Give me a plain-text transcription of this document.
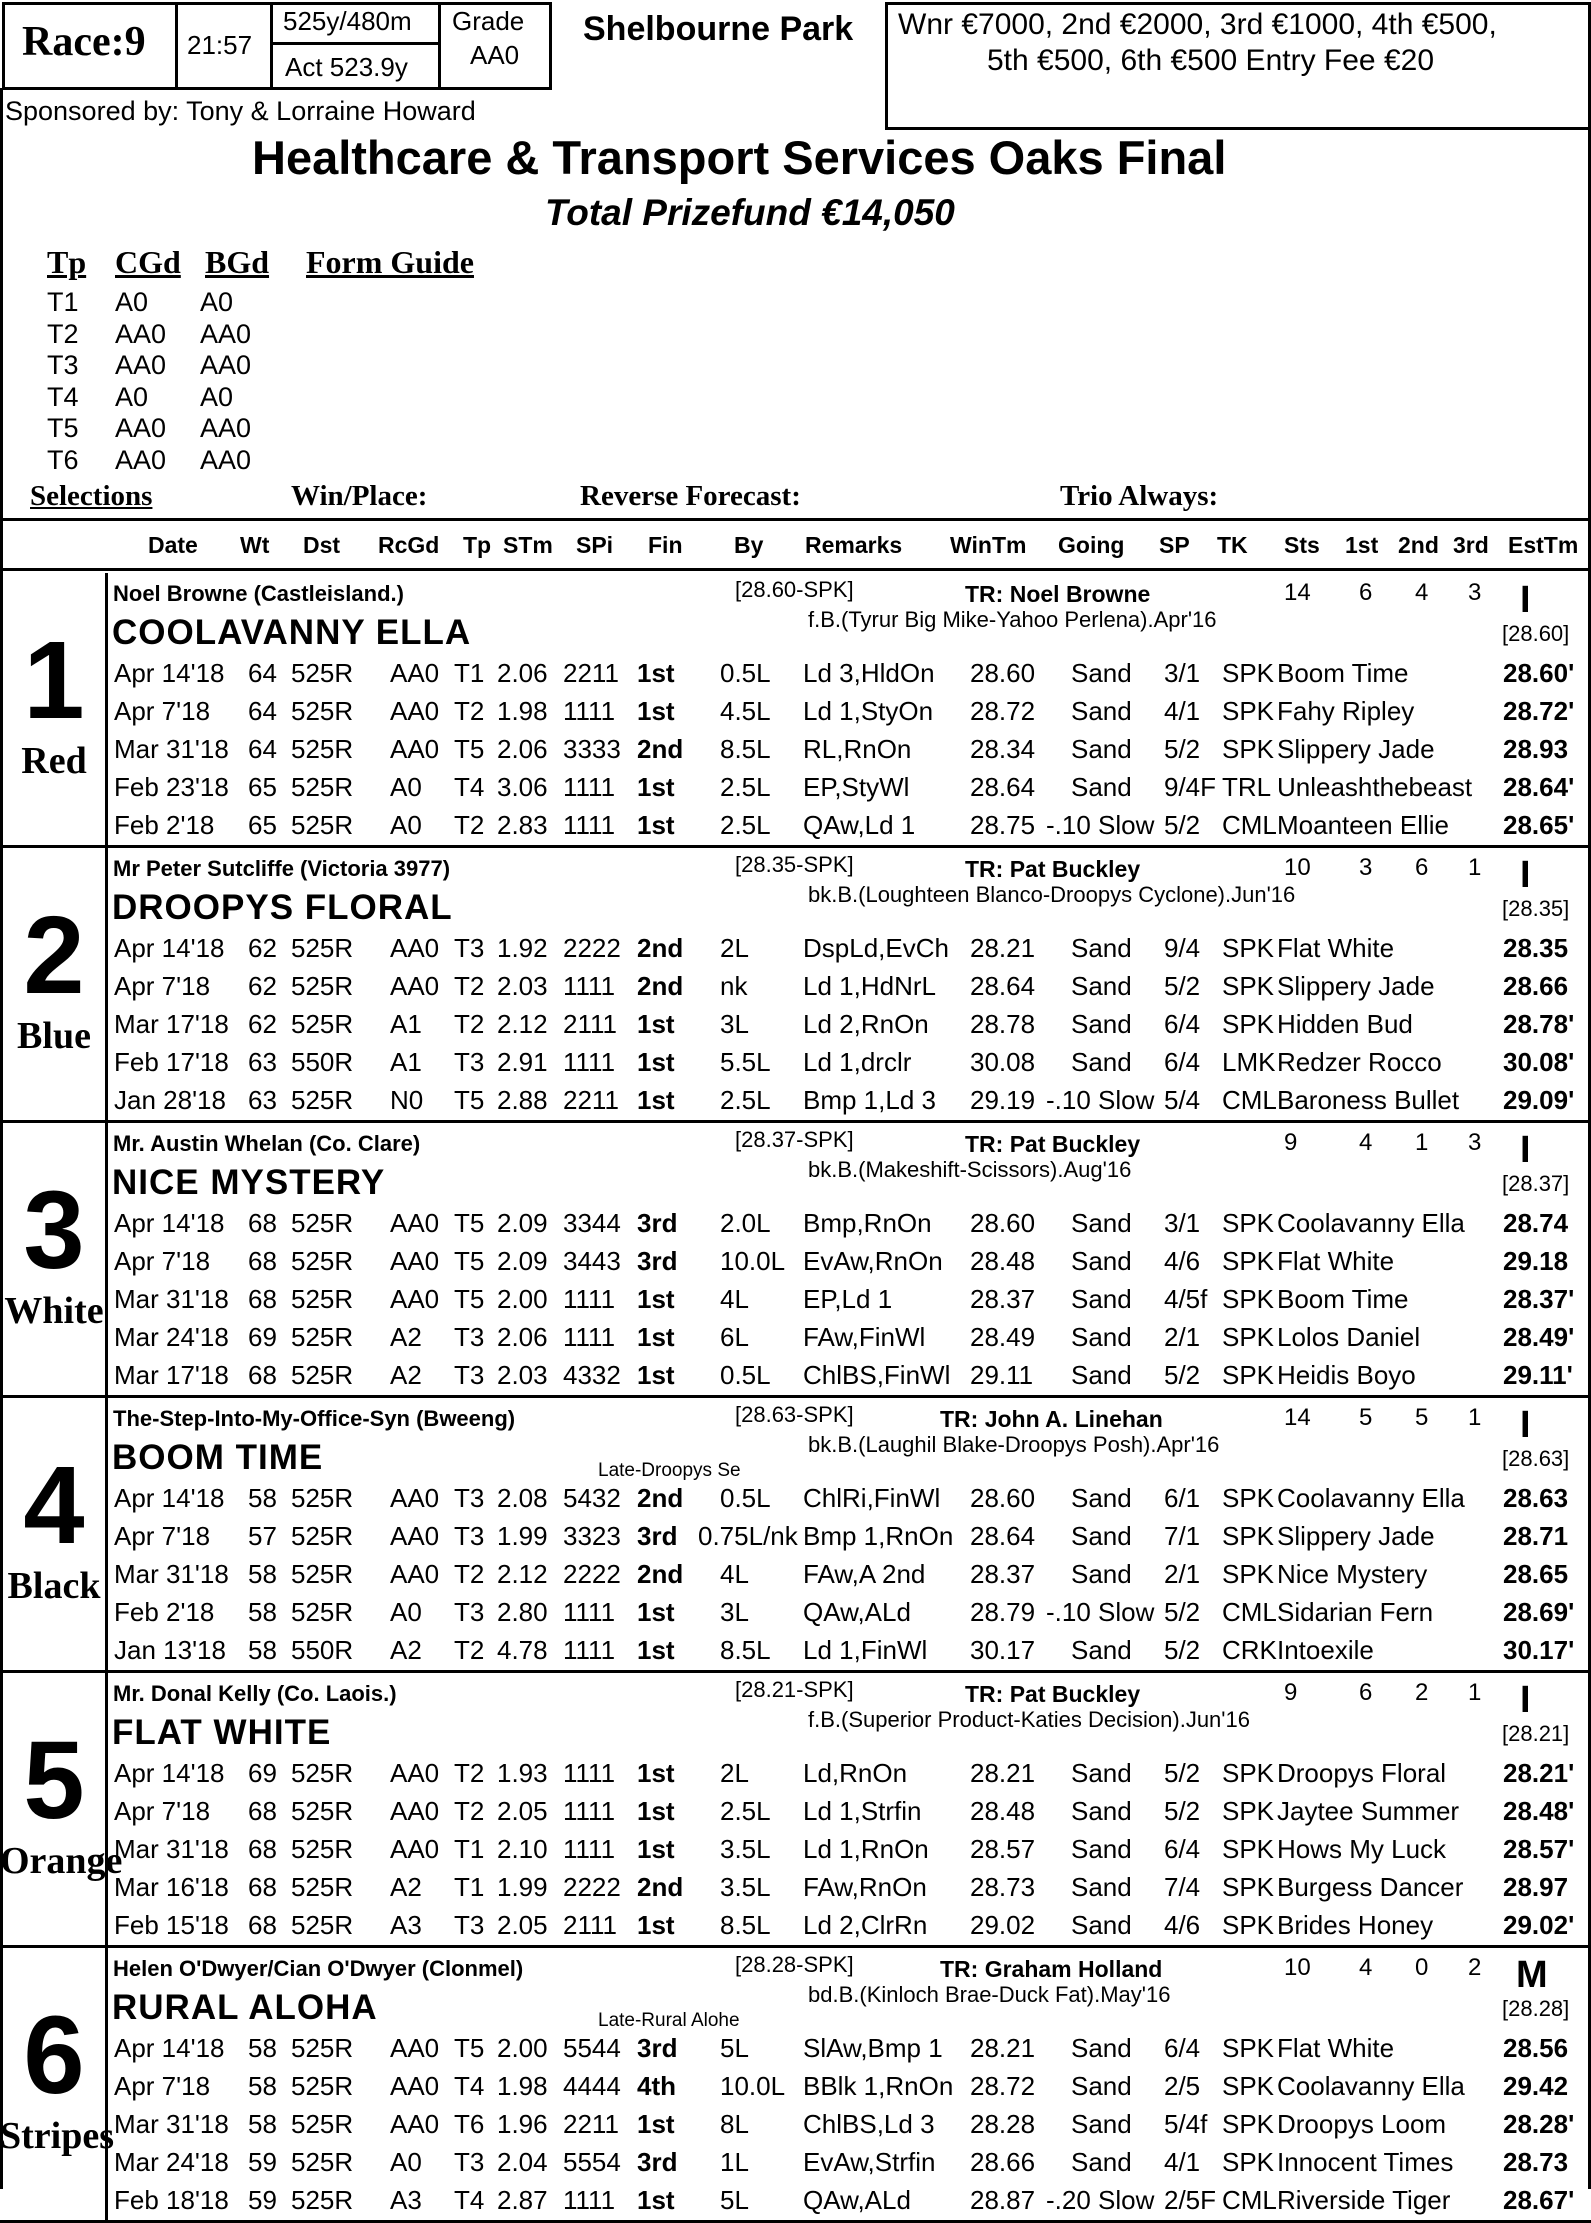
Race:9 21:57
525y/480m
Act 523.9y
Grade
AA0
Shelbourne Park Wnr €7000, 2nd €2000, 3rd €1000, 4th €500,
5th €500, 6th €500 Entry Fee €20
Sponsored by: Tony & Lorraine Howard
Healthcare & Transport Services Oaks Final
Total Prizefund €14,050
Tp CGd BGd Form Guide
T1 A0 A0
T2 AA0 AA0
T3 AA0 AA0
T4 A0 A0
T5 AA0 AA0
T6 AA0 AA0
Selections	Win/Place:	Reverse Forecast:	Trio Always:
Date Wt Dst RcGd Tp STm SPi Fin By Remarks WinTm Going SP TK Sts 1st 2nd 3rd EstTm
1
Red
Noel Browne (Castleisland.)	[28.60-SPK]	TR: Noel Browne	14 6 4 3 I
COOLAVANNY ELLA	f.B.(Tyrur Big Mike-Yahoo Perlena).Apr'16
[28.60]
Apr 14'18 64 525R AA0 T1 2.06 2211 1st 0.5L Ld 3,HldOn 28.60 Sand 3/1 SPK Boom Time	28.60'
Apr 7'18 64 525R AA0 T2 1.98 1111 1st 4.5L Ld 1,StyOn 28.72 Sand 4/1 SPK Fahy Ripley	28.72'
Mar 31'18 64 525R AA0 T5 2.06 3333 2nd 8.5L RL,RnOn 28.34 Sand 5/2 SPK Slippery Jade	28.93
Feb 23'18 65 525R A0 T4 3.06 1111 1st 2.5L EP,StyWl 28.64 Sand 9/4F TRL Unleashthebeast 28.64'
Feb 2'18 65 525R A0 T2 2.83 1111 1st 2.5L QAw,Ld 1 28.75 -.10 Slow 5/2 CML Moanteen Ellie 28.65'
2
Blue
Mr Peter Sutcliffe (Victoria 3977)	[28.35-SPK]	TR: Pat Buckley	10 3 6 1 I
DROOPYS FLORAL	bk.B.(Loughteen Blanco-Droopys Cyclone).Jun'16
[28.35]
Apr 14'18 62 525R AA0 T3 1.92 2222 2nd 2L DspLd,EvCh 28.21 Sand 9/4 SPK Flat White	28.35
Apr 7'18 62 525R AA0 T2 2.03 1111 2nd nk Ld 1,HdNrL 28.64 Sand 5/2 SPK Slippery Jade	28.66
Mar 17'18 62 525R A1 T2 2.12 2111 1st 3L Ld 2,RnOn 28.78 Sand 6/4 SPK Hidden Bud	28.78'
Feb 17'18 63 550R A1 T3 2.91 1111 1st 5.5L Ld 1,drclr 30.08 Sand 6/4 LMK Redzer Rocco 30.08'
Jan 28'18 63 525R N0 T5 2.88 2211 1st 2.5L Bmp 1,Ld 3 29.19 -.10 Slow 5/4 CML Baroness Bullet 29.09'
3
White
Mr. Austin Whelan (Co. Clare)	[28.37-SPK]	TR: Pat Buckley	9	4 1 3 I
NICE MYSTERY	bk.B.(Makeshift-Scissors).Aug'16
[28.37]
Apr 14'18 68 525R AA0 T5 2.09 3344 3rd 2.0L Bmp,RnOn 28.60 Sand 3/1 SPK Coolavanny Ella 28.74
Apr 7'18 68 525R AA0 T5 2.09 3443 3rd 10.0L EvAw,RnOn 28.48 Sand 4/6 SPK Flat White	29.18
Mar 31'18 68 525R AA0 T5 2.00 1111 1st 4L EP,Ld 1	28.37 Sand 4/5f SPK Boom Time	28.37'
Mar 24'18 69 525R A2 T3 2.06 1111 1st 6L FAw,FinWl 28.49 Sand 2/1 SPK Lolos Daniel	28.49'
Mar 17'18 68 525R A2 T3 2.03 4332 1st 0.5L ChlBS,FinWl 29.11 Sand 5/2 SPK Heidis Boyo	29.11'
4
Black
The-Step-Into-My-Office-Syn (Bweeng)	[28.63-SPK]	TR: John A. Linehan	14 5 5 1 I
BOOM TIME	bk.B.(Laughil Blake-Droopys Posh).Apr'16
Late-Droopys Se	[28.63]
Apr 14'18 58 525R AA0 T3 2.08 5432 2nd 0.5L ChlRi,FinWl 28.60 Sand 6/1 SPK Coolavanny Ella 28.63
Apr 7'18 57 525R AA0 T3 1.99 3323 3rd 0.75L/nk Bmp 1,RnOn 28.64 Sand 7/1 SPK Slippery Jade	28.71
Mar 31'18 58 525R AA0 T2 2.12 2222 2nd 4L FAw,A 2nd 28.37 Sand 2/1 SPK Nice Mystery	28.65
Feb 2'18 58 525R A0 T3 2.80 1111 1st 3L QAw,ALd 28.79 -.10 Slow 5/2 CML Sidarian Fern	28.69'
Jan 13'18 58 550R A2 T2 4.78 1111 1st 8.5L Ld 1,FinWl 30.17 Sand 5/2 CRK Intoexile	30.17'
5
Orange
Mr. Donal Kelly (Co. Laois.)	[28.21-SPK]	TR: Pat Buckley	9	6 2 1 I
FLAT WHITE	f.B.(Superior Product-Katies Decision).Jun'16
[28.21]
Apr 14'18 69 525R AA0 T2 1.93 1111 1st 2L Ld,RnOn 28.21 Sand 5/2 SPK Droopys Floral 28.21'
Apr 7'18 68 525R AA0 T2 2.05 1111 1st 2.5L Ld 1,Strfin 28.48 Sand 5/2 SPK Jaytee Summer 28.48'
Mar 31'18 68 525R AA0 T1 2.10 1111 1st 3.5L Ld 1,RnOn 28.57 Sand 6/4 SPK Hows My Luck 28.57'
Mar 16'18 68 525R A2 T1 1.99 2222 2nd 3.5L FAw,RnOn 28.73 Sand 7/4 SPK Burgess Dancer 28.97
Feb 15'18 68 525R A3 T3 2.05 2111 1st 8.5L Ld 2,ClrRn 29.02 Sand 4/6 SPK Brides Honey	29.02'
6
Stripes
Helen O'Dwyer/Cian O'Dwyer (Clonmel)	[28.28-SPK]	TR: Graham Holland	10 4 0 2 M
RURAL ALOHA	bd.B.(Kinloch Brae-Duck Fat).May'16
Late-Rural Alohe	[28.28]
Apr 14'18 58 525R AA0 T5 2.00 5544 3rd 5L SlAw,Bmp 1 28.21 Sand 6/4 SPK Flat White	28.56
Apr 7'18 58 525R AA0 T4 1.98 4444 4th 10.0L BBlk 1,RnOn 28.72 Sand 2/5 SPK Coolavanny Ella 29.42
Mar 31'18 58 525R AA0 T6 1.96 2211 1st 8L ChlBS,Ld 3 28.28 Sand 5/4f SPK Droopys Loom 28.28'
Mar 24'18 59 525R A0 T3 2.04 5554 3rd 1L EvAw,Strfin 28.66 Sand 4/1 SPK Innocent Times 28.73
Feb 18'18 59 525R A3 T4 2.87 1111 1st 5L QAw,ALd 28.87 -.20 Slow 2/5F CML Riverside Tiger 28.67'
